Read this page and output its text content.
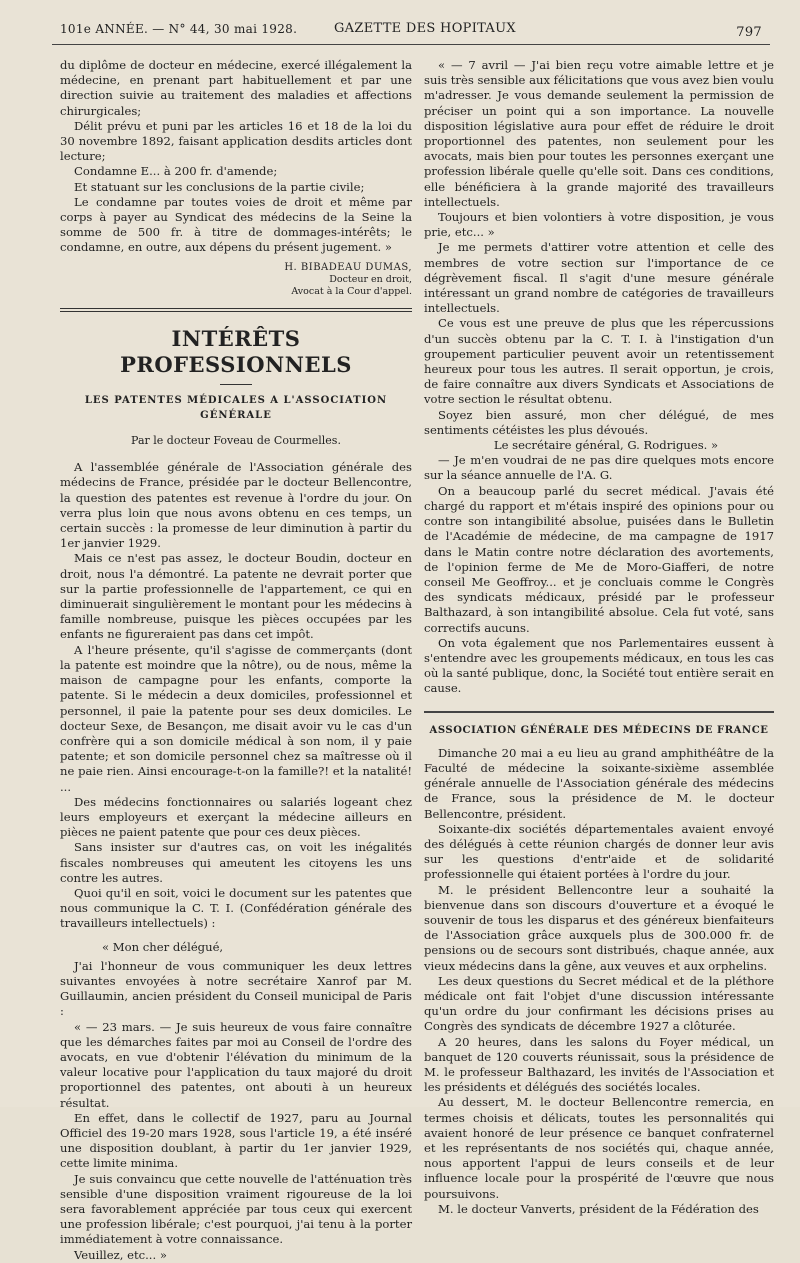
101e ANNÉE. — N° 44, 30 mai 1928.	GAZETTE DES HOPITAUX	797

du diplôme de docteur en médecine, exercé illégalement la médecine, en prenant part habituellement et par une direction suivie au traitement des maladies et affections chirurgicales;

Délit prévu et puni par les articles 16 et 18 de la loi du 30 novembre 1892, faisant application desdits articles dont lecture;

Condamne E... à 200 fr. d'amende;

Et statuant sur les conclusions de la partie civile;

Le condamne par toutes voies de droit et même par corps à payer au Syndicat des médecins de la Seine la somme de 500 fr. à titre de dommages-intérêts; le condamne, en outre, aux dépens du présent jugement. »

H. BIBADEAU DUMAS,
Docteur en droit,
Avocat à la Cour d'appel.
INTÉRÊTS PROFESSIONNELS
LES PATENTES MÉDICALES A L'ASSOCIATION GÉNÉRALE
Par le docteur Foveau de Courmelles.

A l'assemblée générale de l'Association générale des médecins de France, présidée par le docteur Bellencontre, la question des patentes est revenue à l'ordre du jour. On verra plus loin que nous avons obtenu en ces temps, un certain succès : la promesse de leur diminution à partir du 1er janvier 1929.

Mais ce n'est pas assez, le docteur Boudin, docteur en droit, nous l'a démontré. La patente ne devrait porter que sur la partie professionnelle de l'appartement, ce qui en diminuerait singulièrement le montant pour les médecins à famille nombreuse, puisque les pièces occupées par les enfants ne figureraient pas dans cet impôt.

A l'heure présente, qu'il s'agisse de commerçants (dont la patente est moindre que la nôtre), ou de nous, même la maison de campagne pour les enfants, comporte la patente. Si le médecin a deux domiciles, professionnel et personnel, il paie la patente pour ses deux domiciles. Le docteur Sexe, de Besançon, me disait avoir vu le cas d'un confrère qui a son domicile médical à son nom, il y paie patente; et son domicile personnel chez sa maîtresse où il ne paie rien. Ainsi encourage-t-on la famille?! et la natalité! ...

Des médecins fonctionnaires ou salariés logeant chez leurs employeurs et exerçant la médecine ailleurs en pièces ne paient patente que pour ces deux pièces.

Sans insister sur d'autres cas, on voit les inégalités fiscales nombreuses qui ameutent les citoyens les uns contre les autres.

Quoi qu'il en soit, voici le document sur les patentes que nous communique la C. T. I. (Confédération générale des travailleurs intellectuels) :

« Mon cher délégué,

J'ai l'honneur de vous communiquer les deux lettres suivantes envoyées à notre secrétaire Xanrof par M. Guillaumin, ancien président du Conseil municipal de Paris :

« — 23 mars. — Je suis heureux de vous faire connaître que les démarches faites par moi au Conseil de l'ordre des avocats, en vue d'obtenir l'élévation du minimum de la valeur locative pour l'application du taux majoré du droit proportionnel des patentes, ont abouti à un heureux résultat.

En effet, dans le collectif de 1927, paru au Journal Officiel des 19-20 mars 1928, sous l'article 19, a été inséré une disposition doublant, à partir du 1er janvier 1929, cette limite minima.

Je suis convaincu que cette nouvelle de l'atténuation très sensible d'une disposition vraiment rigoureuse de la loi sera favorablement appréciée par tous ceux qui exercent une profession libérale; c'est pourquoi, j'ai tenu à la porter immédiatement à votre connaissance.

Veuillez, etc... »

« — 7 avril — J'ai bien reçu votre aimable lettre et je suis très sensible aux félicitations que vous avez bien voulu m'adresser. Je vous demande seulement la permission de préciser un point qui a son importance. La nouvelle disposition législative aura pour effet de réduire le droit proportionnel des patentes, non seulement pour les avocats, mais bien pour toutes les personnes exerçant une profession libérale quelle qu'elle soit. Dans ces conditions, elle bénéficiera à la grande majorité des travailleurs intellectuels.

Toujours et bien volontiers à votre disposition, je vous prie, etc... »

Je me permets d'attirer votre attention et celle des membres de votre section sur l'importance de ce dégrèvement fiscal. Il s'agit d'une mesure générale intéressant un grand nombre de catégories de travailleurs intellectuels.

Ce vous est une preuve de plus que les répercussions d'un succès obtenu par la C. T. I. à l'instigation d'un groupement particulier peuvent avoir un retentissement heureux pour tous les autres. Il serait opportun, je crois, de faire connaître aux divers Syndicats et Associations de votre section le résultat obtenu.

Soyez bien assuré, mon cher délégué, de mes sentiments cétéistes les plus dévoués.

Le secrétaire général, G. Rodrigues. »

— Je m'en voudrai de ne pas dire quelques mots encore sur la séance annuelle de l'A. G.

On a beaucoup parlé du secret médical. J'avais été chargé du rapport et m'étais inspiré des opinions pour ou contre son intangibilité absolue, puisées dans le Bulletin de l'Académie de médecine, de ma campagne de 1917 dans le Matin contre notre déclaration des avortements, de l'opinion ferme de Me de Moro-Giafferi, de notre conseil Me Geoffroy... et je concluais comme le Congrès des syndicats médicaux, présidé par le professeur Balthazard, à son intangibilité absolue. Cela fut voté, sans correctifs aucuns.

On vota également que nos Parlementaires eussent à s'entendre avec les groupements médicaux, en tous les cas où la santé publique, donc, la Société tout entière serait en cause.

ASSOCIATION GÉNÉRALE DES MÉDECINS DE FRANCE

Dimanche 20 mai a eu lieu au grand amphithéâtre de la Faculté de médecine la soixante-sixième assemblée générale annuelle de l'Association générale des médecins de France, sous la présidence de M. le docteur Bellencontre, président.

Soixante-dix sociétés départementales avaient envoyé des délégués à cette réunion chargés de donner leur avis sur les questions d'entr'aide et de solidarité professionnelle qui étaient portées à l'ordre du jour.

M. le président Bellencontre leur a souhaité la bienvenue dans son discours d'ouverture et a évoqué le souvenir de tous les disparus et des généreux bienfaiteurs de l'Association grâce auxquels plus de 300.000 fr. de pensions ou de secours sont distribués, chaque année, aux vieux médecins dans la gêne, aux veuves et aux orphelins.

Les deux questions du Secret médical et de la pléthore médicale ont fait l'objet d'une discussion intéressante qu'un ordre du jour confirmant les décisions prises au Congrès des syndicats de décembre 1927 a clôturée.

A 20 heures, dans les salons du Foyer médical, un banquet de 120 couverts réunissait, sous la présidence de M. le professeur Balthazard, les invités de l'Association et les présidents et délégués des sociétés locales.

Au dessert, M. le docteur Bellencontre remercia, en termes choisis et délicats, toutes les personnalités qui avaient honoré de leur présence ce banquet confraternel et les représentants de nos sociétés qui, chaque année, nous apportent l'appui de leurs conseils et de leur influence locale pour la prospérité de l'œuvre que nous poursuivons.

M. le docteur Vanverts, président de la Fédération des
